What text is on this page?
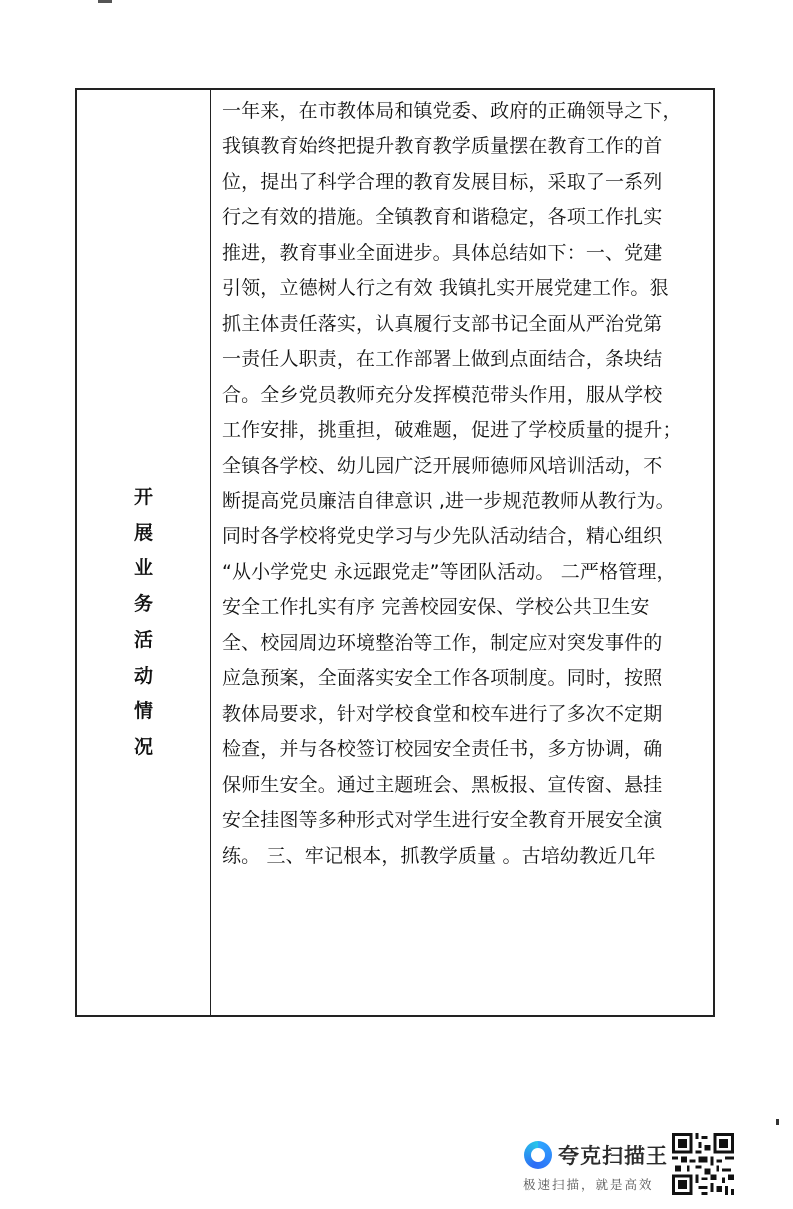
开
展
业
务
活
动
情
况

一年来，在市教体局和镇党委、政府的正确领导之下，
我镇教育始终把提升教育教学质量摆在教育工作的首
位，提出了科学合理的教育发展目标，采取了一系列
行之有效的措施。全镇教育和谐稳定，各项工作扎实
推进，教育事业全面进步。具体总结如下：一、党建
引领，立德树人行之有效 我镇扎实开展党建工作。狠
抓主体责任落实，认真履行支部书记全面从严治党第
一责任人职责，在工作部署上做到点面结合，条块结
合。全乡党员教师充分发挥模范带头作用，服从学校
工作安排，挑重担，破难题，促进了学校质量的提升；
全镇各学校、幼儿园广泛开展师德师风培训活动，不
断提高党员廉洁自律意识 ,进一步规范教师从教行为。
同时各学校将党史学习与少先队活动结合，精心组织
“从小学党史 永远跟党走”等团队活动。 二严格管理，
安全工作扎实有序 完善校园安保、学校公共卫生安
全、校园周边环境整治等工作，制定应对突发事件的
应急预案，全面落实安全工作各项制度。同时，按照
教体局要求，针对学校食堂和校车进行了多次不定期
检查，并与各校签订校园安全责任书，多方协调，确
保师生安全。通过主题班会、黑板报、宣传窗、悬挂
安全挂图等多种形式对学生进行安全教育开展安全演
练。 三、牢记根本，抓教学质量 。古培幼教近几年

夸克扫描王
极速扫描，就是高效
